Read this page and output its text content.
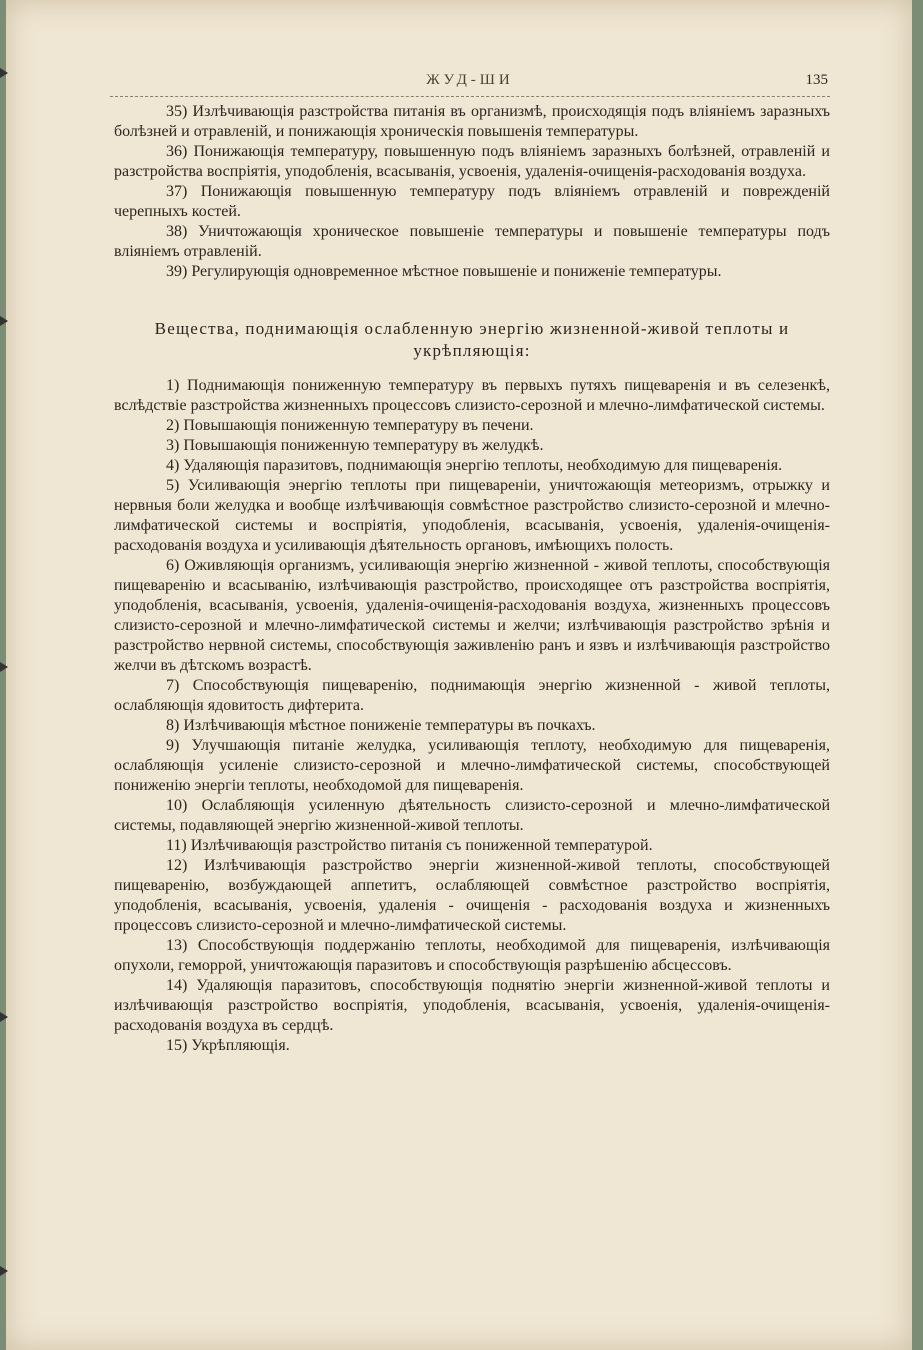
ЖУД-ШИ	135

35) Излѣчивающія разстройства питанія въ организмѣ, происходящія подъ вліяніемъ заразныхъ болѣзней и отравленій, и понижающія хроническія повышенія температуры.

36) Понижающія температуру, повышенную подъ вліяніемъ заразныхъ болѣзней, отравленій и разстройства воспріятія, уподобленія, всасыванія, усвоенія, удаленія-очищенія-расходованія воздуха.

37) Понижающія повышенную температуру подъ вліяніемъ отравленій и поврежденій черепныхъ костей.

38) Уничтожающія хроническое повышеніе температуры и повышеніе температуры подъ вліяніемъ отравленій.

39) Регулирующія одновременное мѣстное повышеніе и пониженіе температуры.

Вещества, поднимающія ослабленную энергію жизненной-живой теплоты и укрѣпляющія:

1) Поднимающія пониженную температуру въ первыхъ путяхъ пищеваренія и въ селезенкѣ, вслѣдствіе разстройства жизненныхъ процессовъ слизисто-серозной и млечно-лимфатической системы.

2) Повышающія пониженную температуру въ печени.

3) Повышающія пониженную температуру въ желудкѣ.

4) Удаляющія паразитовъ, поднимающія энергію теплоты, необходимую для пищеваренія.

5) Усиливающія энергію теплоты при пищевареніи, уничтожающія метеоризмъ, отрыжку и нервныя боли желудка и вообще излѣчивающія совмѣстное разстройство слизисто-серозной и млечно-лимфатической системы и воспріятія, уподобленія, всасыванія, усвоенія, удаленія-очищенія-расходованія воздуха и усиливающія дѣятельность органовъ, имѣющихъ полость.

6) Оживляющія организмъ, усиливающія энергію жизненной - живой теплоты, способствующія пищеваренію и всасыванію, излѣчивающія разстройство, происходящее отъ разстройства воспріятія, уподобленія, всасыванія, усвоенія, удаленія-очищенія-расходованія воздуха, жизненныхъ процессовъ слизисто-серозной и млечно-лимфатической системы и желчи; излѣчивающія разстройство зрѣнія и разстройство нервной системы, способствующія заживленію ранъ и язвъ и излѣчивающія разстройство желчи въ дѣтскомъ возрастѣ.

7) Способствующія пищеваренію, поднимающія энергію жизненной - живой теплоты, ослабляющія ядовитость дифтерита.

8) Излѣчивающія мѣстное пониженіе температуры въ почкахъ.

9) Улучшающія питаніе желудка, усиливающія теплоту, необходимую для пищеваренія, ослабляющія усиленіе слизисто-серозной и млечно-лимфатической системы, способствующей пониженію энергіи теплоты, необходомой для пищеваренія.

10) Ослабляющія усиленную дѣятельность слизисто-серозной и млечно-лимфатической системы, подавляющей энергію жизненной-живой теплоты.

11) Излѣчивающія разстройство питанія съ пониженной температурой.

12) Излѣчивающія разстройство энергіи жизненной-живой теплоты, способствующей пищеваренію, возбуждающей аппетитъ, ослабляющей совмѣстное разстройство воспріятія, уподобленія, всасыванія, усвоенія, удаленія - очищенія - расходованія воздуха и жизненныхъ процессовъ слизисто-серозной и млечно-лимфатической системы.

13) Способствующія поддержанію теплоты, необходимой для пищеваренія, излѣчивающія опухоли, геморрой, уничтожающія паразитовъ и способствующія разрѣшенію абсцессовъ.

14) Удаляющія паразитовъ, способствующія поднятію энергіи жизненной-живой теплоты и излѣчивающія разстройство воспріятія, уподобленія, всасыванія, усвоенія, удаленія-очищенія-расходованія воздуха въ сердцѣ.

15) Укрѣпляющія.
